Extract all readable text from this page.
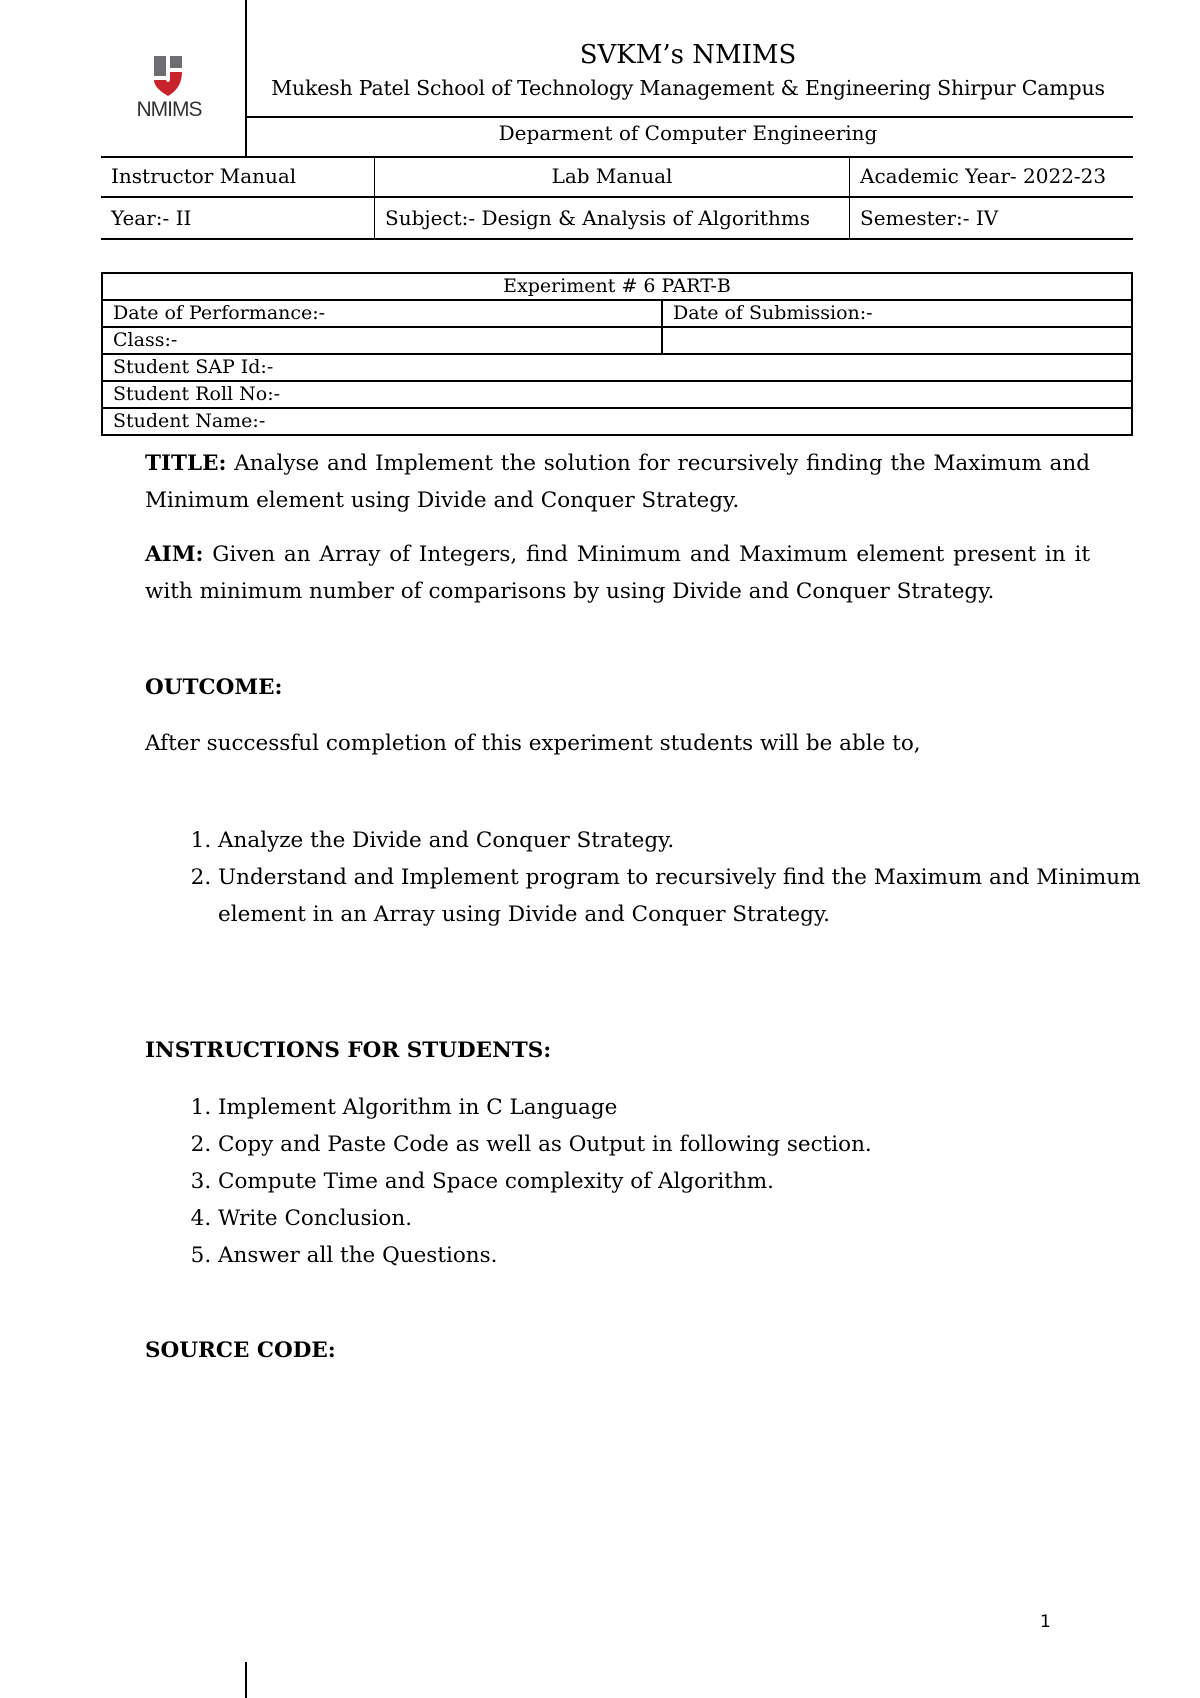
NMIMS
SVKM’s NMIMS
Mukesh Patel School of Technology Management & Engineering Shirpur Campus
Deparment of Computer Engineering
Instructor Manual	Lab Manual	Academic Year- 2022-23
Year:- II	Subject:- Design & Analysis of Algorithms	Semester:- IV
Experiment # 6 PART-B	
Date of Performance:-	Date of Submission:-
Class:-	
Student SAP Id:-	
Student Roll No:-	
Student Name:-	

TITLE: Analyse and Implement the solution for recursively finding the Maximum and Minimum element using Divide and Conquer Strategy.

AIM: Given an Array of Integers, find Minimum and Maximum element present in it with minimum number of comparisons by using Divide and Conquer Strategy.

OUTCOME:
After successful completion of this experiment students will be able to,
1. Analyze the Divide and Conquer Strategy.
2. Understand and Implement program to recursively find the Maximum and Minimum element in an Array using Divide and Conquer Strategy.
INSTRUCTIONS FOR STUDENTS:
1. Implement Algorithm in C Language
2. Copy and Paste Code as well as Output in following section.
3. Compute Time and Space complexity of Algorithm.
4. Write Conclusion.
5. Answer all the Questions.
SOURCE CODE:
1
